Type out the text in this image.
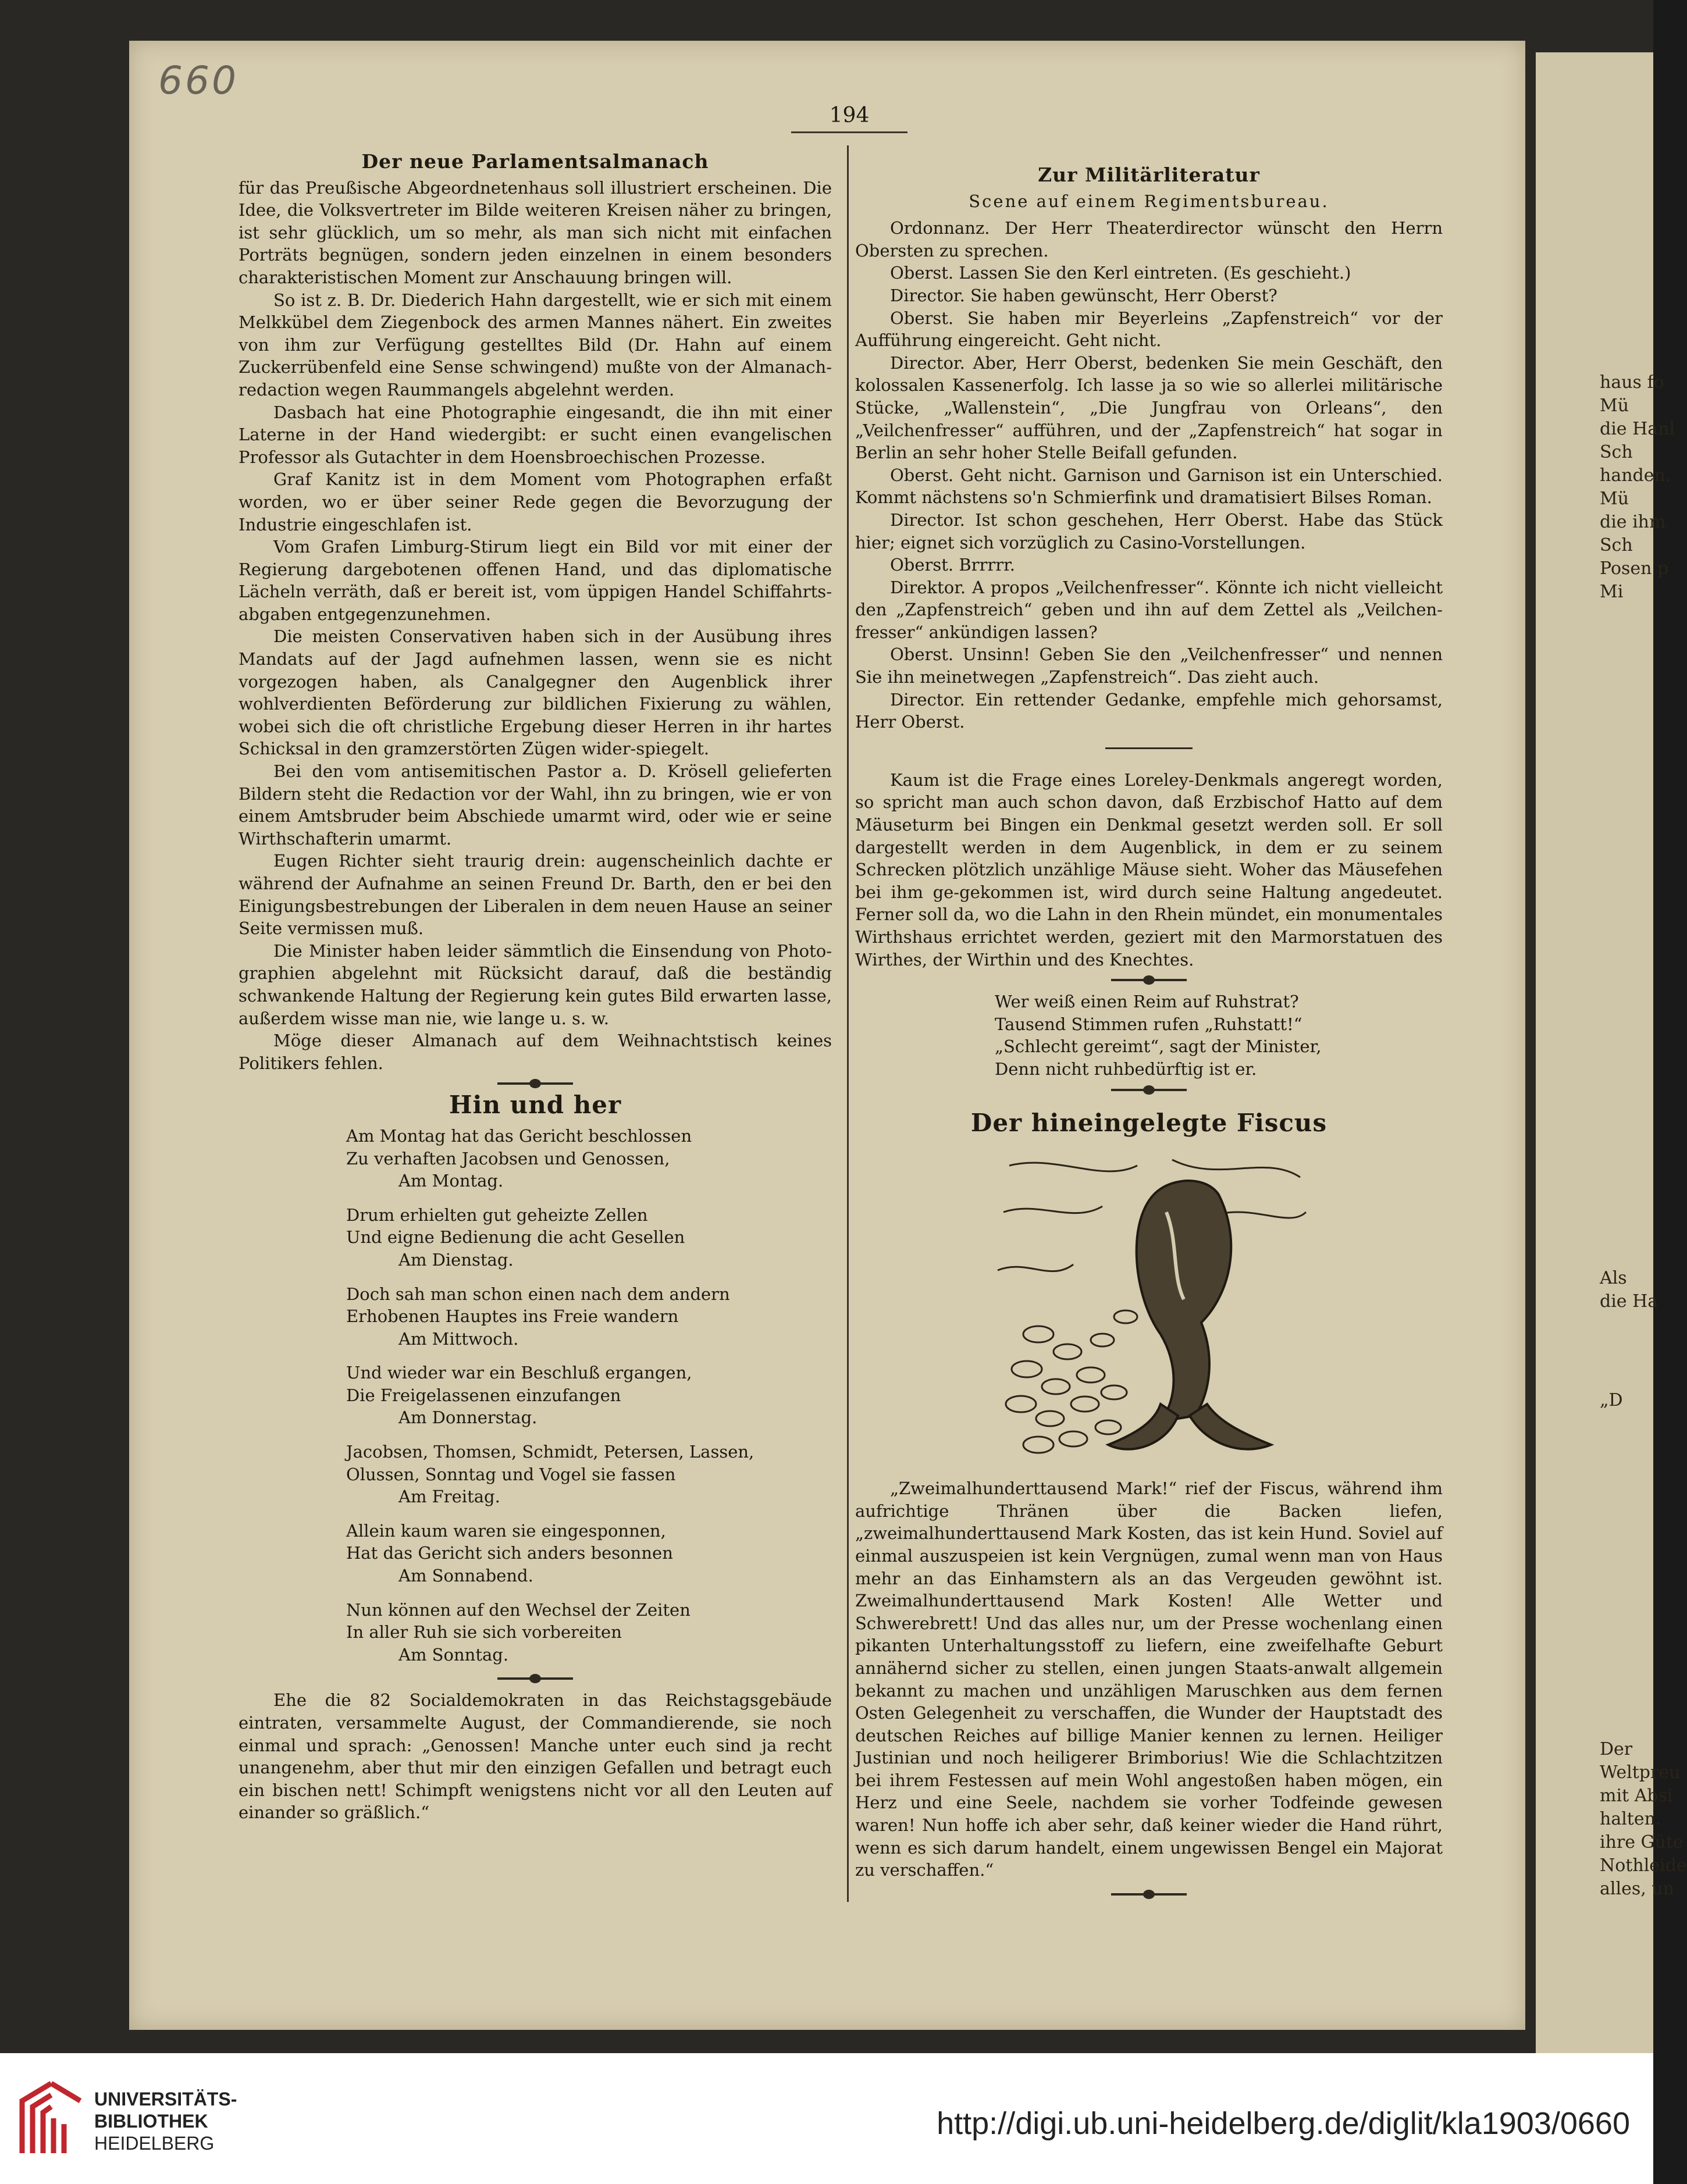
660
194
Der neue Parlamentsalmanach

für das Preußische Abgeordnetenhaus soll illustriert erscheinen. Die Idee, die Volksvertreter im Bilde weiteren Kreisen näher zu bringen, ist sehr glücklich, um so mehr, als man sich nicht mit einfachen Porträts begnügen, sondern jeden einzelnen in einem besonders charakteristischen Moment zur Anschauung bringen will.

So ist z. B. Dr. Diederich Hahn dargestellt, wie er sich mit einem Melkkübel dem Ziegenbock des armen Mannes nähert. Ein zweites von ihm zur Verfügung gestelltes Bild (Dr. Hahn auf einem Zuckerrübenfeld eine Sense schwingend) mußte von der Almanach-redaction wegen Raummangels abgelehnt werden.

Dasbach hat eine Photographie eingesandt, die ihn mit einer Laterne in der Hand wiedergibt: er sucht einen evangelischen Professor als Gutachter in dem Hoensbroechischen Prozesse.

Graf Kanitz ist in dem Moment vom Photographen erfaßt worden, wo er über seiner Rede gegen die Bevorzugung der Industrie eingeschlafen ist.

Vom Grafen Limburg-Stirum liegt ein Bild vor mit einer der Regierung dargebotenen offenen Hand, und das diplomatische Lächeln verräth, daß er bereit ist, vom üppigen Handel Schiffahrts-abgaben entgegenzunehmen.

Die meisten Conservativen haben sich in der Ausübung ihres Mandats auf der Jagd aufnehmen lassen, wenn sie es nicht vorgezogen haben, als Canalgegner den Augenblick ihrer wohlverdienten Beförderung zur bildlichen Fixierung zu wählen, wobei sich die oft christliche Ergebung dieser Herren in ihr hartes Schicksal in den gramzerstörten Zügen wider-spiegelt.

Bei den vom antisemitischen Pastor a. D. Krösell gelieferten Bildern steht die Redaction vor der Wahl, ihn zu bringen, wie er von einem Amtsbruder beim Abschiede umarmt wird, oder wie er seine Wirthschafterin umarmt.

Eugen Richter sieht traurig drein: augenscheinlich dachte er während der Aufnahme an seinen Freund Dr. Barth, den er bei den Einigungsbestrebungen der Liberalen in dem neuen Hause an seiner Seite vermissen muß.

Die Minister haben leider sämmtlich die Einsendung von Photo-graphien abgelehnt mit Rücksicht darauf, daß die beständig schwankende Haltung der Regierung kein gutes Bild erwarten lasse, außerdem wisse man nie, wie lange u. s. w.

Möge dieser Almanach auf dem Weihnachtstisch keines Politikers fehlen.

Hin und her
Am Montag hat das Gericht beschlossen
Zu verhaften Jacobsen und Genossen,
Am Montag.
Drum erhielten gut geheizte Zellen
Und eigne Bedienung die acht Gesellen
Am Dienstag.
Doch sah man schon einen nach dem andern
Erhobenen Hauptes ins Freie wandern
Am Mittwoch.
Und wieder war ein Beschluß ergangen,
Die Freigelassenen einzufangen
Am Donnerstag.
Jacobsen, Thomsen, Schmidt, Petersen, Lassen,
Olussen, Sonntag und Vogel sie fassen
Am Freitag.
Allein kaum waren sie eingesponnen,
Hat das Gericht sich anders besonnen
Am Sonnabend.
Nun können auf den Wechsel der Zeiten
In aller Ruh sie sich vorbereiten
Am Sonntag.

Ehe die 82 Socialdemokraten in das Reichstagsgebäude eintraten, versammelte August, der Commandierende, sie noch einmal und sprach: „Genossen! Manche unter euch sind ja recht unangenehm, aber thut mir den einzigen Gefallen und betragt euch ein bischen nett! Schimpft wenigstens nicht vor all den Leuten auf einander so gräßlich.“

Zur Militärliteratur
Scene auf einem Regimentsbureau.

Ordonnanz. Der Herr Theaterdirector wünscht den Herrn Obersten zu sprechen.

Oberst. Lassen Sie den Kerl eintreten. (Es geschieht.)

Director. Sie haben gewünscht, Herr Oberst?

Oberst. Sie haben mir Beyerleins „Zapfenstreich“ vor der Aufführung eingereicht. Geht nicht.

Director. Aber, Herr Oberst, bedenken Sie mein Geschäft, den kolossalen Kassenerfolg. Ich lasse ja so wie so allerlei militärische Stücke, „Wallenstein“, „Die Jungfrau von Orleans“, den „Veilchenfresser“ aufführen, und der „Zapfenstreich“ hat sogar in Berlin an sehr hoher Stelle Beifall gefunden.

Oberst. Geht nicht. Garnison und Garnison ist ein Unterschied. Kommt nächstens so'n Schmierfink und dramatisiert Bilses Roman.

Director. Ist schon geschehen, Herr Oberst. Habe das Stück hier; eignet sich vorzüglich zu Casino-Vorstellungen.

Oberst. Brrrrr.

Direktor. A propos „Veilchenfresser“. Könnte ich nicht vielleicht den „Zapfenstreich“ geben und ihn auf dem Zettel als „Veilchen-fresser“ ankündigen lassen?

Oberst. Unsinn! Geben Sie den „Veilchenfresser“ und nennen Sie ihn meinetwegen „Zapfenstreich“. Das zieht auch.

Director. Ein rettender Gedanke, empfehle mich gehorsamst, Herr Oberst.

Kaum ist die Frage eines Loreley-Denkmals angeregt worden, so spricht man auch schon davon, daß Erzbischof Hatto auf dem Mäuseturm bei Bingen ein Denkmal gesetzt werden soll. Er soll dargestellt werden in dem Augenblick, in dem er zu seinem Schrecken plötzlich unzählige Mäuse sieht. Woher das Mäusefehen bei ihm ge-gekommen ist, wird durch seine Haltung angedeutet. Ferner soll da, wo die Lahn in den Rhein mündet, ein monumentales Wirthshaus errichtet werden, geziert mit den Marmorstatuen des Wirthes, der Wirthin und des Knechtes.

Wer weiß einen Reim auf Ruhstrat?
Tausend Stimmen rufen „Ruhstatt!“
„Schlecht gereimt“, sagt der Minister,
Denn nicht ruhbedürftig ist er.
Der hineingelegte Fiscus

„Zweimalhunderttausend Mark!“ rief der Fiscus, während ihm aufrichtige Thränen über die Backen liefen, „zweimalhunderttausend Mark Kosten, das ist kein Hund. Soviel auf einmal auszuspeien ist kein Vergnügen, zumal wenn man von Haus mehr an das Einhamstern als an das Vergeuden gewöhnt ist. Zweimalhunderttausend Mark Kosten! Alle Wetter und Schwerebrett! Und das alles nur, um der Presse wochenlang einen pikanten Unterhaltungsstoff zu liefern, eine zweifelhafte Geburt annähernd sicher zu stellen, einen jungen Staats-anwalt allgemein bekannt zu machen und unzähligen Maruschken aus dem fernen Osten Gelegenheit zu verschaffen, die Wunder der Hauptstadt des deutschen Reiches auf billige Manier kennen zu lernen. Heiliger Justinian und noch heiligerer Brimborius! Wie die Schlachtzitzen bei ihrem Festessen auf mein Wohl angestoßen haben mögen, ein Herz und eine Seele, nachdem sie vorher Todfeinde gewesen waren! Nun hoffe ich aber sehr, daß keiner wieder die Hand rührt, wenn es sich darum handelt, einem ungewissen Bengel ein Majorat zu verschaffen.“

haus fo
Mü
die Hanl
Sch
handen.
Mü
die ihm
Sch
Posen p
Mi
Als
die Ha
„D
Der
Weltpreu
mit Absi
halten.
ihre Güte
Nothleide
alles, un
UNIVERSITÄTS-
BIBLIOTHEK
HEIDELBERG
http://digi.ub.uni-heidelberg.de/diglit/kla1903/0660
